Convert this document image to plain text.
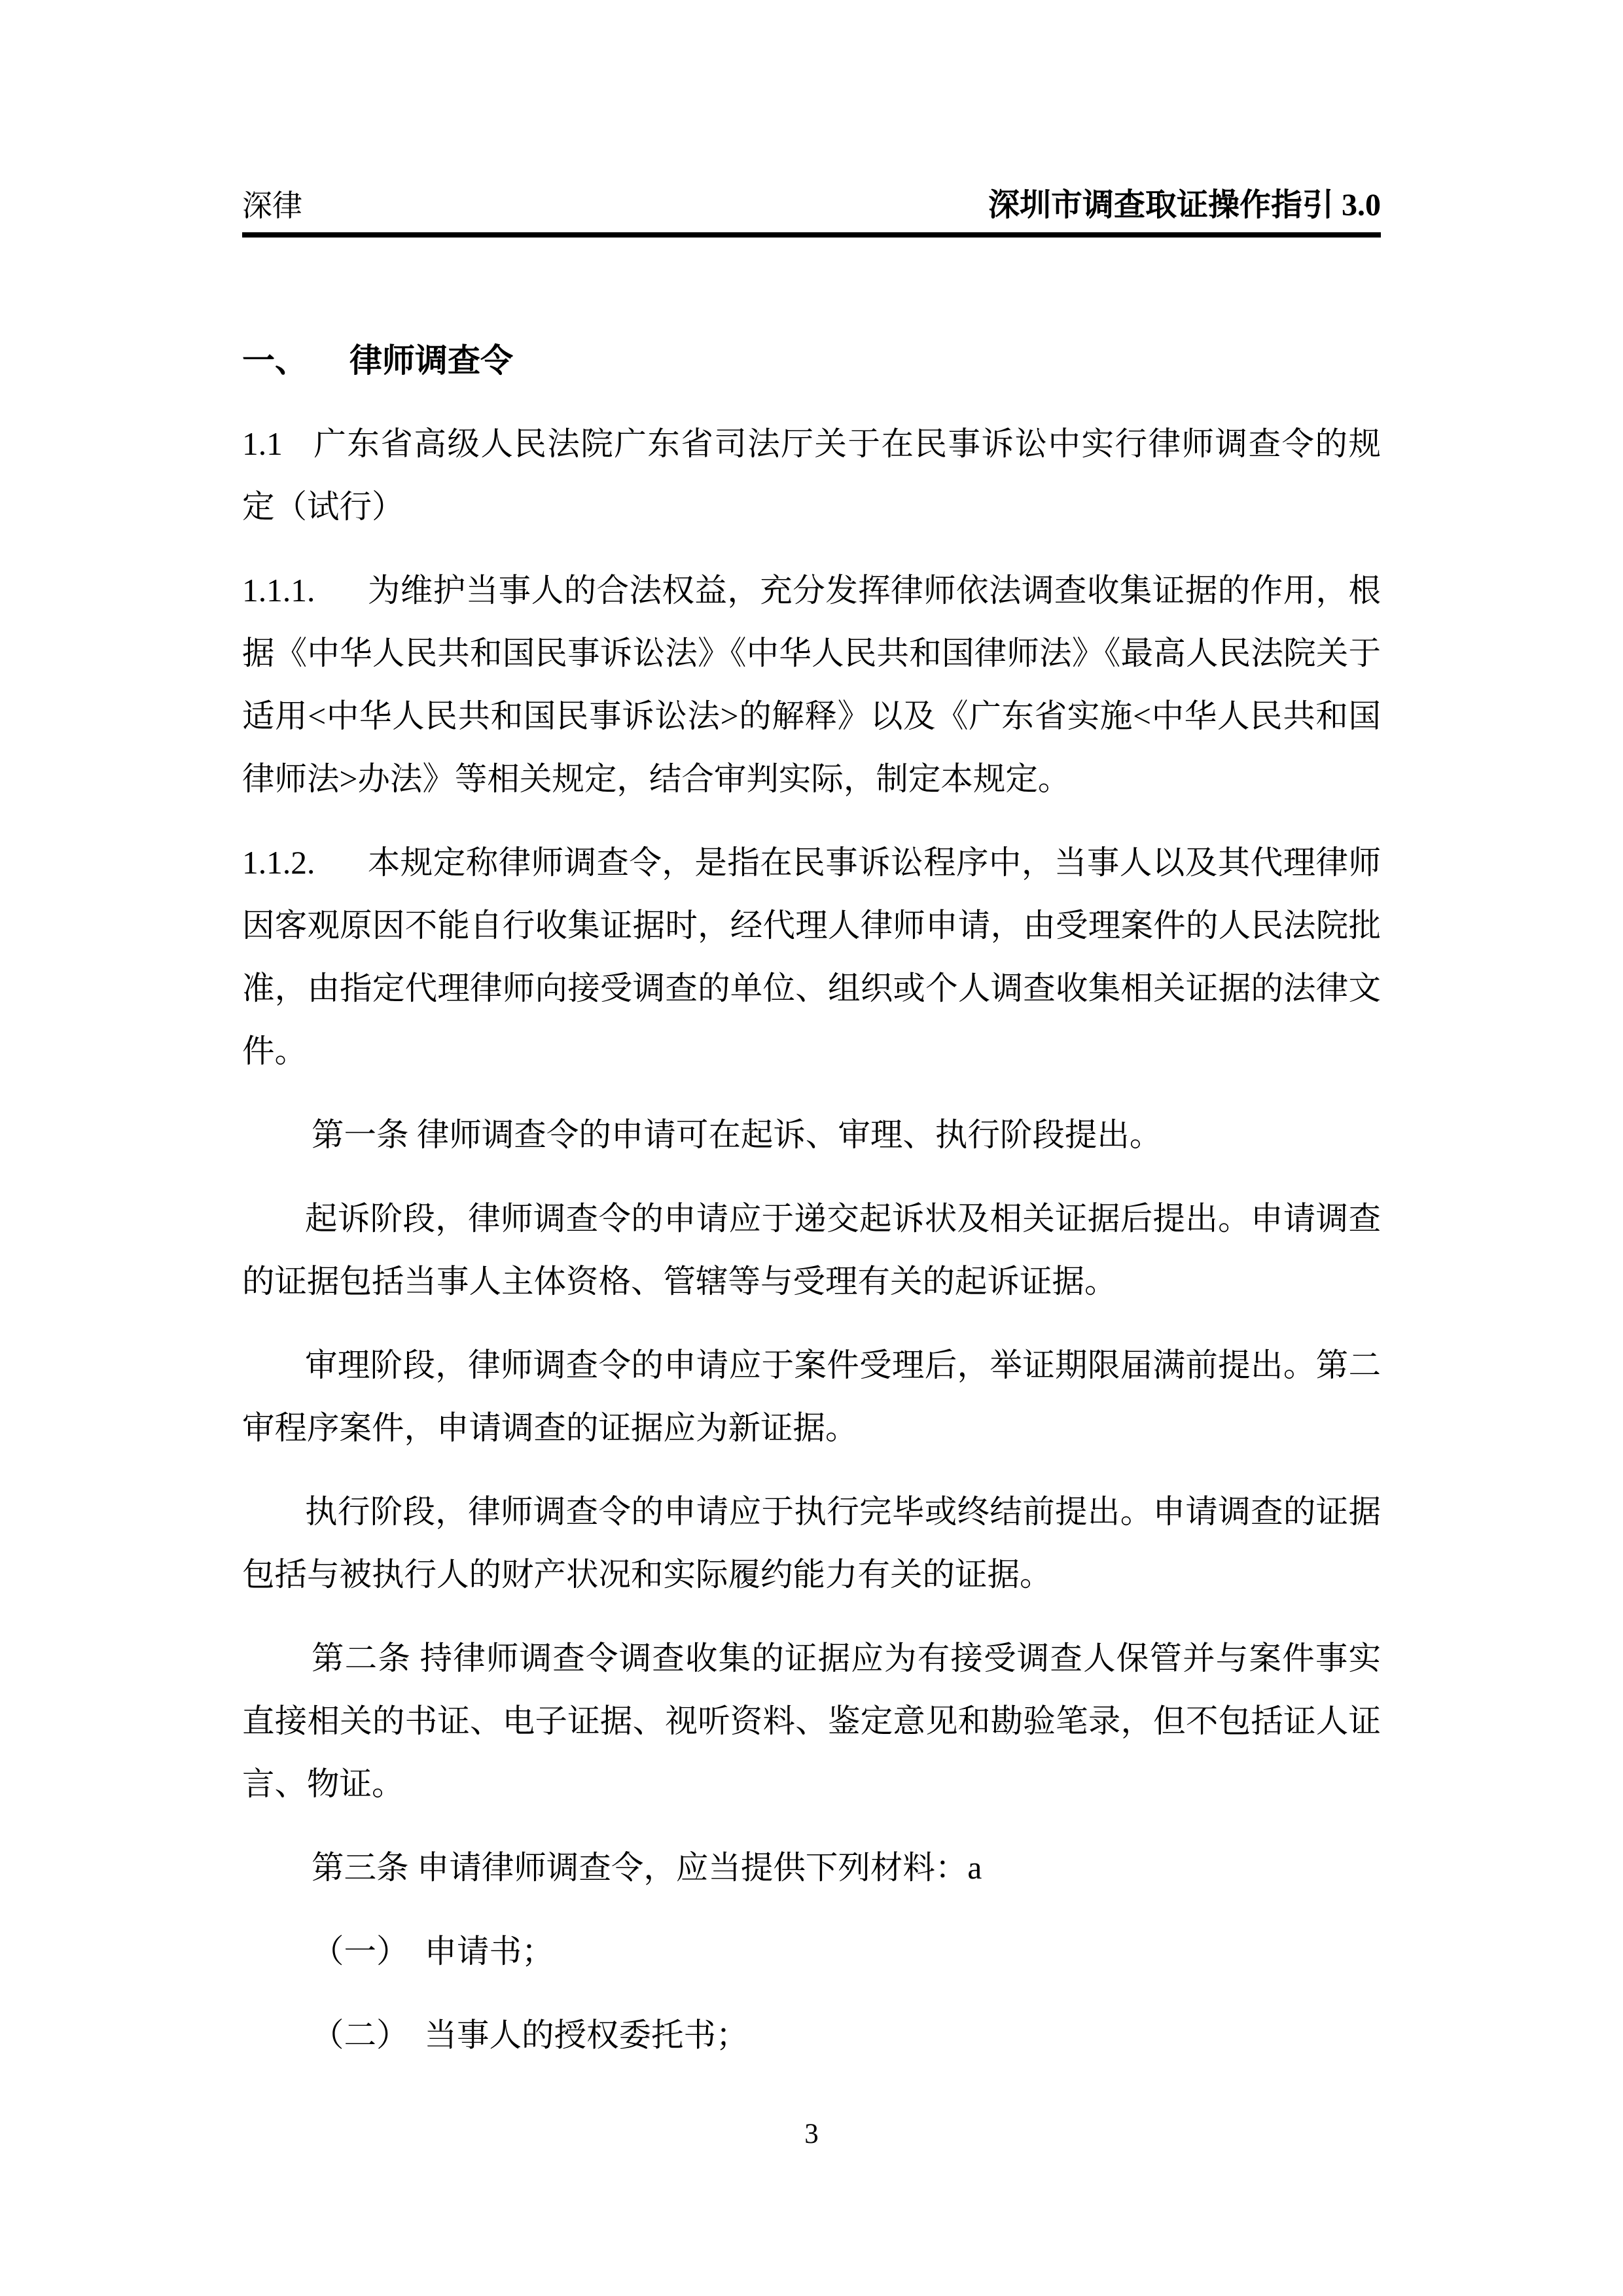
深律	深圳市调查取证操作指引 3.0
一、 律师调查令

1.1 广东省高级人民法院广东省司法厅关于在民事诉讼中实行律师调查令的规定（试行）

1.1.1. 为维护当事人的合法权益，充分发挥律师依法调查收集证据的作用，根据《中华人民共和国民事诉讼法》《中华人民共和国律师法》《最高人民法院关于适用<中华人民共和国民事诉讼法>的解释》以及《广东省实施<中华人民共和国律师法>办法》等相关规定，结合审判实际，制定本规定。

1.1.2. 本规定称律师调查令，是指在民事诉讼程序中，当事人以及其代理律师因客观原因不能自行收集证据时，经代理人律师申请，由受理案件的人民法院批准，由指定代理律师向接受调查的单位、组织或个人调查收集相关证据的法律文件。

第一条 律师调查令的申请可在起诉、审理、执行阶段提出。

起诉阶段，律师调查令的申请应于递交起诉状及相关证据后提出。申请调查的证据包括当事人主体资格、管辖等与受理有关的起诉证据。

审理阶段，律师调查令的申请应于案件受理后，举证期限届满前提出。第二审程序案件，申请调查的证据应为新证据。

执行阶段，律师调查令的申请应于执行完毕或终结前提出。申请调查的证据包括与被执行人的财产状况和实际履约能力有关的证据。

第二条 持律师调查令调查收集的证据应为有接受调查人保管并与案件事实直接相关的书证、电子证据、视听资料、鉴定意见和勘验笔录，但不包括证人证言、物证。

第三条 申请律师调查令，应当提供下列材料：a

（一） 申请书；

（二） 当事人的授权委托书；

3
